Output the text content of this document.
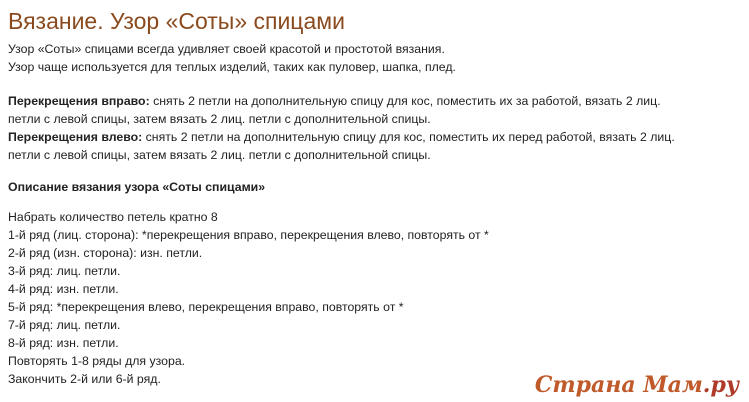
Вязание. Узор «Соты» спицами
Узор «Соты» спицами всегда удивляет своей красотой и простотой вязания.
Узор чаще используется для теплых изделий, таких как пуловер, шапка, плед.
Перекрещения вправо: снять 2 петли на дополнительную спицу для кос, поместить их за работой, вязать 2 лиц.
петли с левой спицы, затем вязать 2 лиц. петли с дополнительной спицы.
Перекрещения влево: снять 2 петли на дополнительную спицу для кос, поместить их перед работой, вязать 2 лиц.
петли с левой спицы, затем вязать 2 лиц. петли с дополнительной спицы.
Описание вязания узора «Соты спицами»
Набрать количество петель кратно 8
1-й ряд (лиц. сторона): *перекрещения вправо, перекрещения влево, повторять от *
2-й ряд (изн. сторона): изн. петли.
3-й ряд: лиц. петли.
4-й ряд: изн. петли.
5-й ряд: *перекрещения влево, перекрещения вправо, повторять от *
7-й ряд: лиц. петли.
8-й ряд: изн. петли.
Повторять 1-8 ряды для узора.
Закончить 2-й или 6-й ряд.	Страна Мам.ру
